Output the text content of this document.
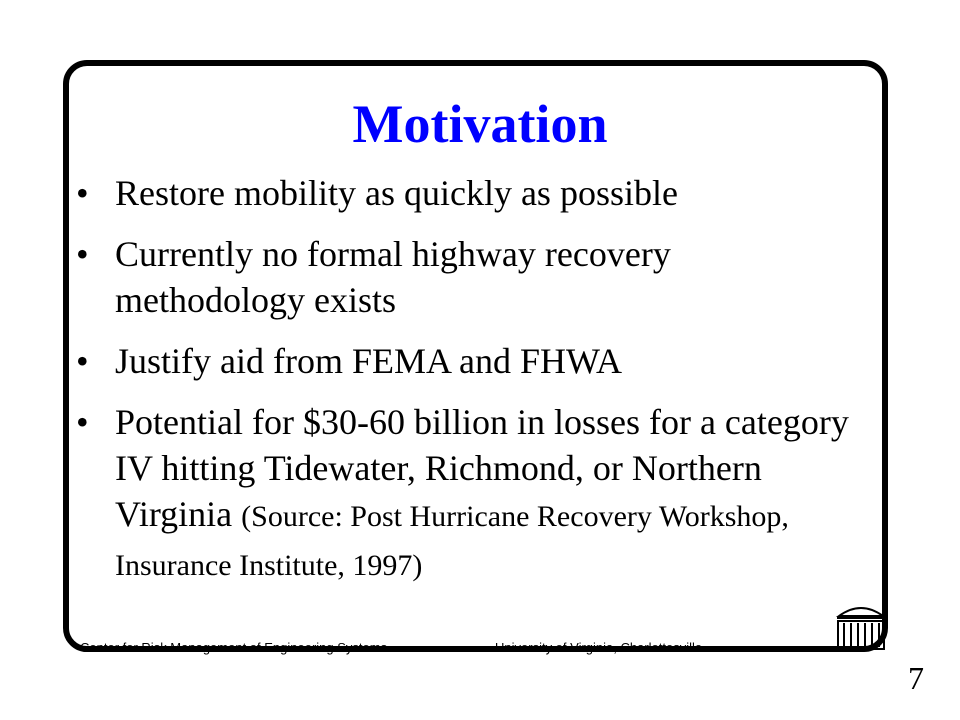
Motivation
• Restore mobility as quickly as possible
• Currently no formal highway recovery methodology exists
• Justify aid from FEMA and FHWA
• Potential for $30-60 billion in losses for a category IV hitting Tidewater, Richmond, or Northern Virginia (Source: Post Hurricane Recovery Workshop, Insurance Institute, 1997)
Center for Risk Management of Engineering Systems	University of Virginia, Charlottesville
7
